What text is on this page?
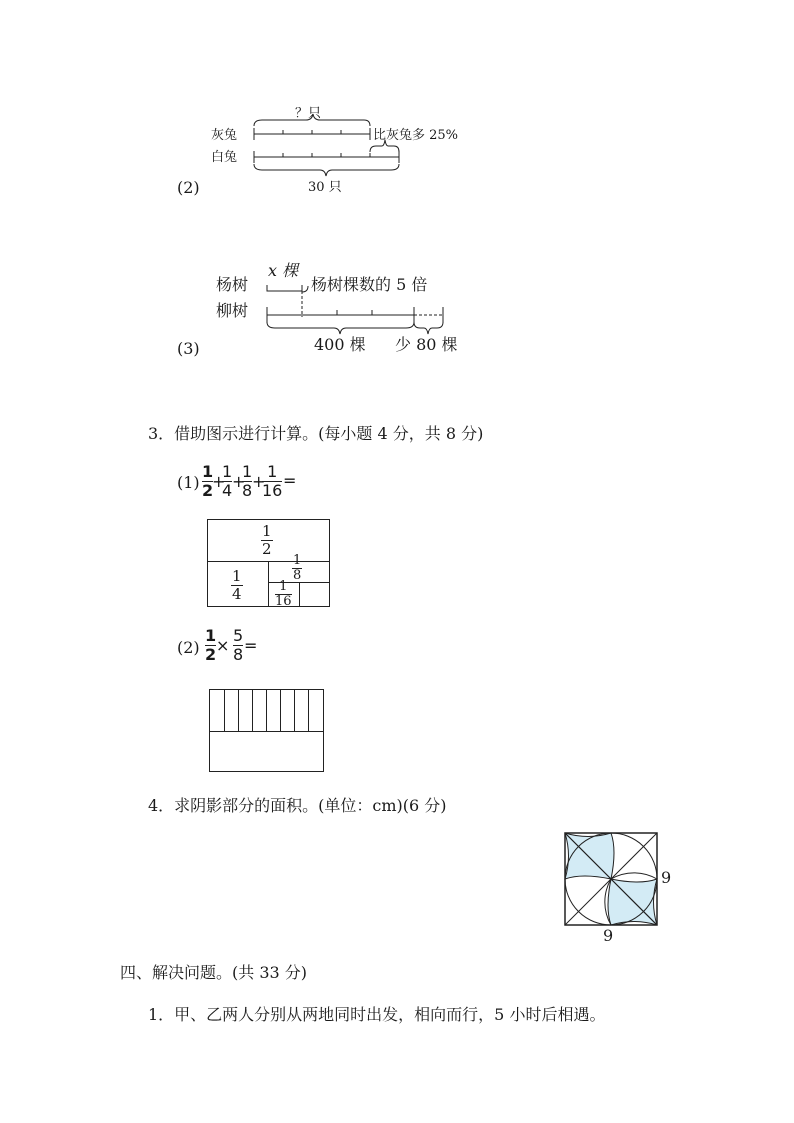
(2)
？只
灰兔
白兔
比灰兔多 25%
30 只
(3)
x 棵
杨树
柳树
杨树棵数的 5 倍
400 棵 少 80 棵
3．借助图示进行计算。(每小题 4 分，共 8 分)
(1)
1
2
+
1
4 +
1
8 +
1
16
=
1
2
1
4
1
8
1
16
(2)
1
2 ×
5
8 =
4．求阴影部分的面积。(单位：cm)(6 分)
9
9
四、解决问题。(共 33 分)
1．甲、乙两人分别从两地同时出发，相向而行，5 小时后相遇。
